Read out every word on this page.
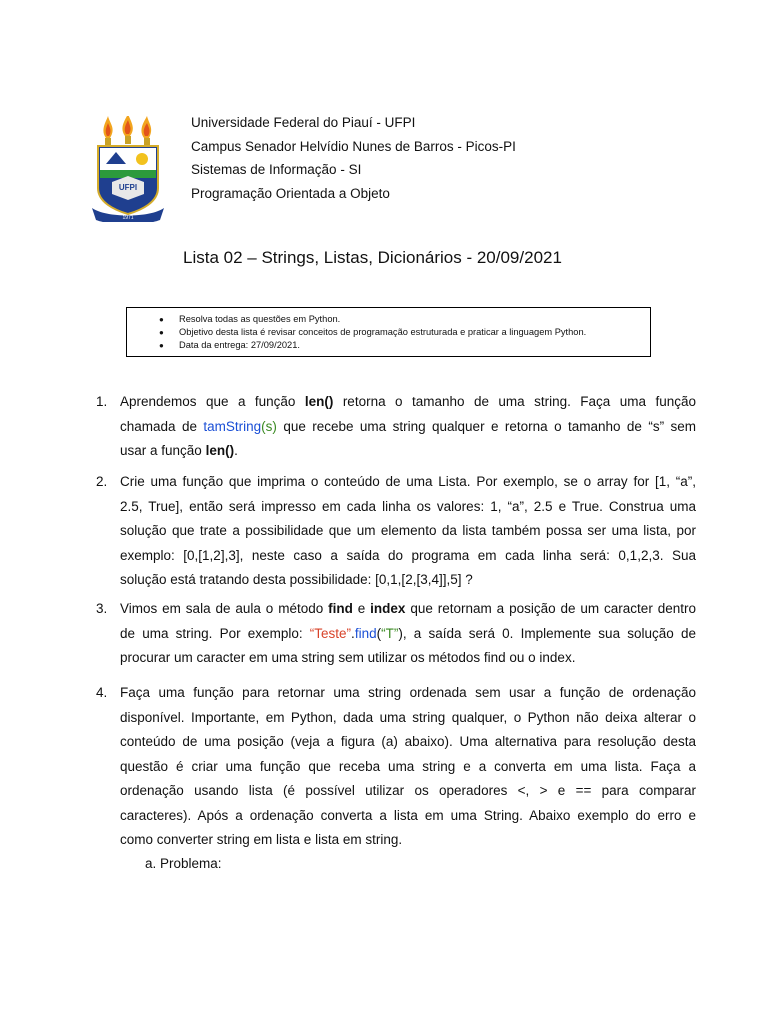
UFPI
1971
Universidade Federal do Piauí - UFPI
Campus Senador Helvídio Nunes de Barros - Picos-PI
Sistemas de Informação - SI
Programação Orientada a Objeto
Lista 02 – Strings, Listas, Dicionários - 20/09/2021
● Resolva todas as questões em Python.
● Objetivo desta lista é revisar conceitos de programação estruturada e praticar a linguagem Python.
● Data da entrega: 27/09/2021.
1. Aprendemos que a função len() retorna o tamanho de uma string. Faça uma função
chamada de tamString(s) que recebe uma string qualquer e retorna o tamanho de “s” sem
usar a função len().
2. Crie uma função que imprima o conteúdo de uma Lista. Por exemplo, se o array for [1, “a”,
2.5, True], então será impresso em cada linha os valores: 1, “a”, 2.5 e True. Construa uma
solução que trate a possibilidade que um elemento da lista também possa ser uma lista, por
exemplo: [0,[1,2],3], neste caso a saída do programa em cada linha será: 0,1,2,3. Sua
solução está tratando desta possibilidade: [0,1,[2,[3,4]],5] ?
3. Vimos em sala de aula o método find e index que retornam a posição de um caracter dentro
de uma string. Por exemplo: “Teste”.find(“T”), a saída será 0. Implemente sua solução de
procurar um caracter em uma string sem utilizar os métodos find ou o index.
4. Faça uma função para retornar uma string ordenada sem usar a função de ordenação
disponível. Importante, em Python, dada uma string qualquer, o Python não deixa alterar o
conteúdo de uma posição (veja a figura (a) abaixo). Uma alternativa para resolução desta
questão é criar uma função que receba uma string e a converta em uma lista. Faça a
ordenação usando lista (é possível utilizar os operadores <, > e == para comparar
caracteres). Após a ordenação converta a lista em uma String. Abaixo exemplo do erro e
como converter string em lista e lista em string.
a. Problema:
